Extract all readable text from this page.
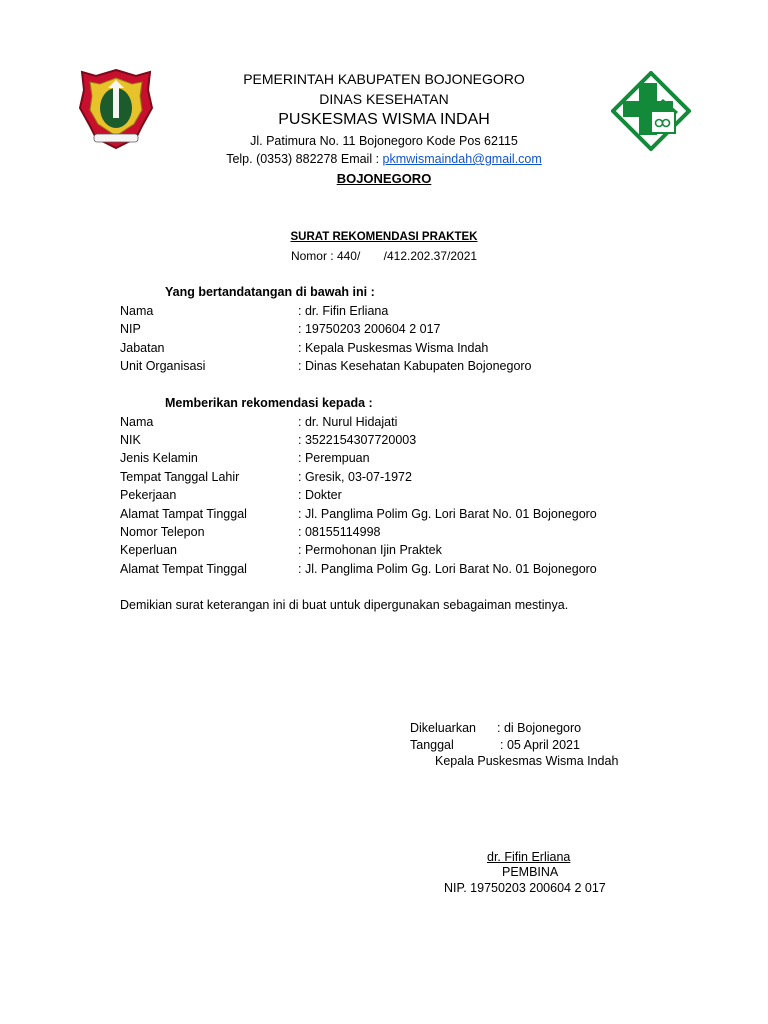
PEMERINTAH KABUPATEN BOJONEGORO
DINAS KESEHATAN
PUSKESMAS WISMA INDAH
Jl. Patimura No. 11 Bojonegoro Kode Pos 62115
Telp. (0353) 882278 Email : pkmwismaindah@gmail.com
BOJONEGORO
SURAT REKOMENDASI PRAKTEK
Nomor : 440/       /412.202.37/2021
Yang bertandatangan di bawah ini :
Nama	: dr. Fifin Erliana
NIP	: 19750203 200604 2 017
Jabatan	: Kepala Puskesmas Wisma Indah
Unit Organisasi	: Dinas Kesehatan Kabupaten Bojonegoro
Memberikan rekomendasi kepada :
Nama	: dr. Nurul Hidajati
NIK	: 3522154307720003
Jenis Kelamin	: Perempuan
Tempat Tanggal Lahir	: Gresik, 03-07-1972
Pekerjaan	: Dokter
Alamat Tampat Tinggal	: Jl. Panglima Polim Gg. Lori Barat No. 01 Bojonegoro
Nomor Telepon	: 08155114998
Keperluan	: Permohonan Ijin Praktek
Alamat Tempat Tinggal	: Jl. Panglima Polim Gg. Lori Barat No. 01 Bojonegoro
Demikian surat keterangan ini di buat untuk dipergunakan sebagaiman mestinya.
Dikeluarkan : di Bojonegoro
Tanggal	: 05 April 2021
Kepala Puskesmas Wisma Indah
dr. Fifin Erliana
PEMBINA
NIP. 19750203 200604 2 017
